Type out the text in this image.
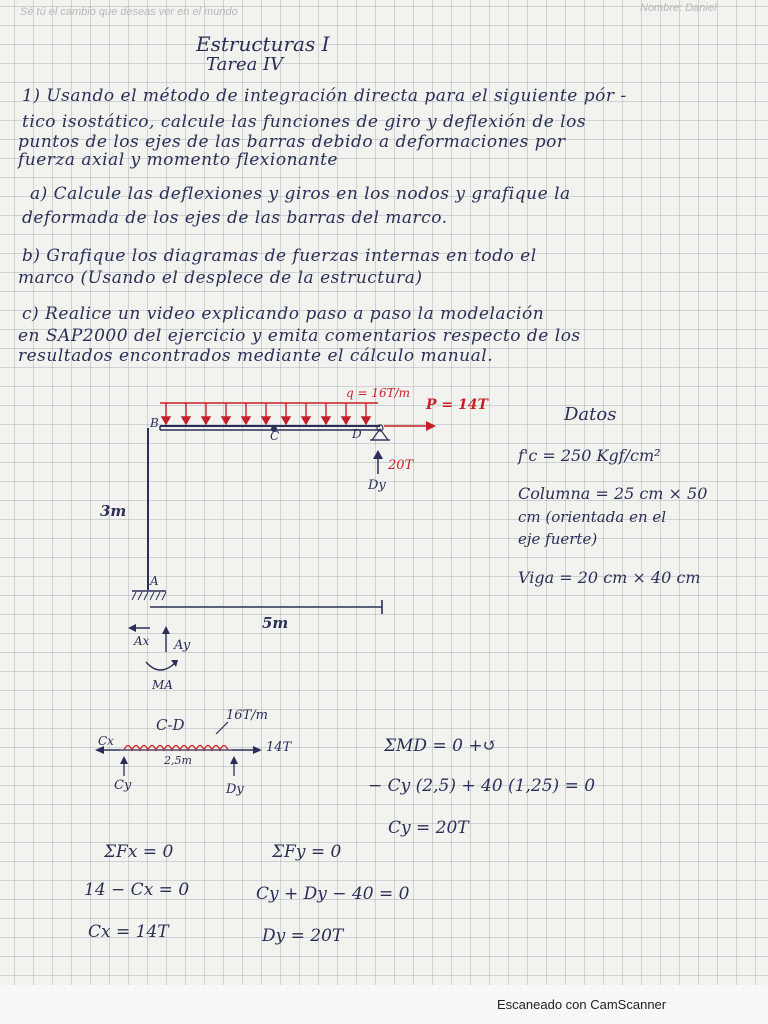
Sé tú el cambio que deseas ver en el mundo	Nombre: Daniel
Estructuras I
Tarea IV
1) Usando el método de integración directa para el siguiente pór -
tico isostático, calcule las funciones de giro y deflexión de los
puntos de los ejes de las barras debido a deformaciones por
fuerza axial y momento flexionante
a) Calcule las deflexiones y giros en los nodos y grafique la
deformada de los ejes de las barras del marco.
b) Grafique los diagramas de fuerzas internas en todo el
marco (Usando el desplece de la estructura)
c) Realice un video explicando paso a paso la modelación
en SAP2000 del ejercicio y emita comentarios respecto de los
resultados encontrados mediante el cálculo manual.
q = 16T/m
P = 14T
B
C	D
20T
Dy
3m
A
5m
Ax Ay
MA
Datos
f'c = 250 Kgf/cm²
Columna = 25 cm × 50
cm (orientada en el
eje fuerte)
Viga = 20 cm × 40 cm
C-D
16T/m
Cx	14T
2,5m
Cy	Dy
ΣMD = 0 +↺
− Cy (2,5) + 40 (1,25) = 0
Cy = 20T
ΣFx = 0	ΣFy = 0
14 − Cx = 0	Cy + Dy − 40 = 0
Cx = 14T	Dy = 20T
Escaneado con CamScanner
